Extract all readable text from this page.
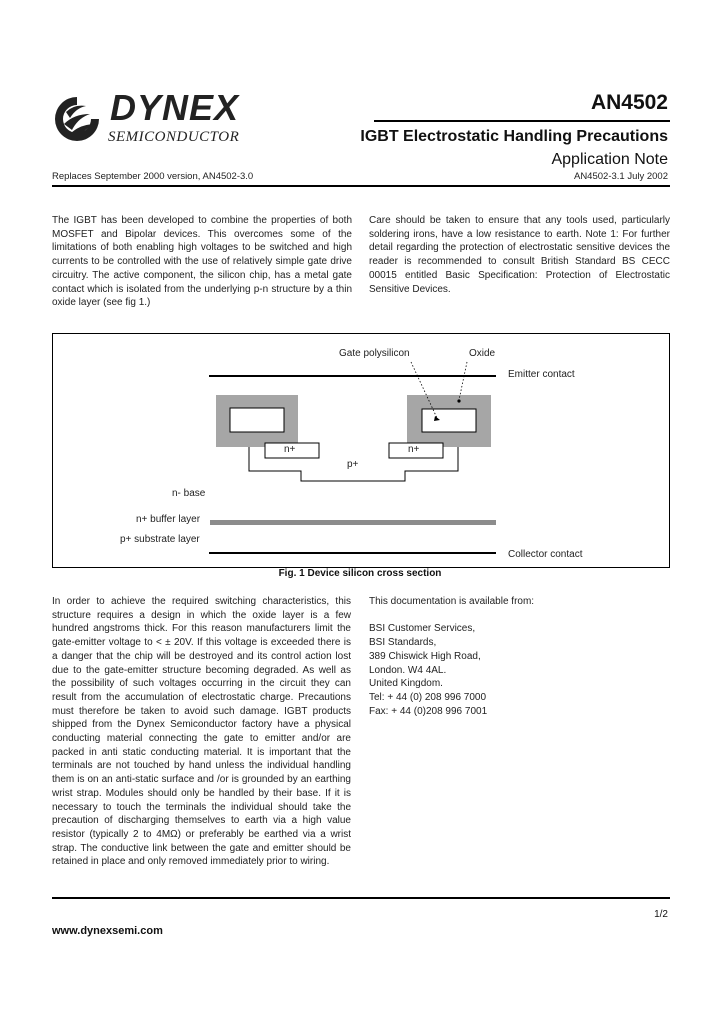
DYNEX
SEMICONDUCTOR
AN4502
IGBT Electrostatic Handling Precautions
Application Note
Replaces September 2000 version, AN4502-3.0	AN4502-3.1 July 2002

The IGBT has been developed to combine the properties of both MOSFET and Bipolar devices. This overcomes some of the limitations of both enabling high voltages to be switched and high currents to be controlled with the use of relatively simple gate drive circuitry. The active component, the silicon chip, has a metal gate contact which is isolated from the underlying p-n structure by a thin oxide layer (see fig 1.)

Care should be taken to ensure that any tools used, particularly soldering irons, have a low resistance to earth. Note 1: For further detail regarding the protection of electrostatic sensitive devices the reader is recommended to consult British Standard BS CECC 00015 entitled Basic Specification: Protection of Electrostatic Sensitive Devices.

Gate polysilicon	Oxide
Emitter contact
n+	n+
p+
n- base
n+ buffer layer
p+ substrate layer
Collector contact
Fig. 1 Device silicon cross section

In order to achieve the required switching characteristics, this structure requires a design in which the oxide layer is a few hundred angstroms thick. For this reason manufacturers limit the gate-emitter voltage to < ± 20V. If this voltage is exceeded there is a danger that the chip will be destroyed and its control action lost due to the gate-emitter structure becoming degraded. As well as the possibility of such voltages occurring in the circuit they can result from the accumulation of electrostatic charge. Precautions must therefore be taken to avoid such damage. IGBT products shipped from the Dynex Semiconductor factory have a physical conducting material connecting the gate to emitter and/or are packed in anti static conducting material. It is important that the terminals are not touched by hand unless the individual handling them is on an anti-static surface and /or is grounded by an earthing wrist strap. Modules should only be handled by their base. If it is necessary to touch the terminals the individual should take the precaution of discharging themselves to earth via a high value resistor (typically 2 to 4MΩ) or preferably be earthed via a wrist strap. The conductive link between the gate and emitter should be retained in place and only removed immediately prior to wiring.

This documentation is available from:
BSI Customer Services,
BSI Standards,
389 Chiswick High Road,
London. W4 4AL.
United Kingdom.
Tel: + 44 (0) 208 996 7000
Fax: + 44 (0)208 996 7001
1/2
www.dynexsemi.com
